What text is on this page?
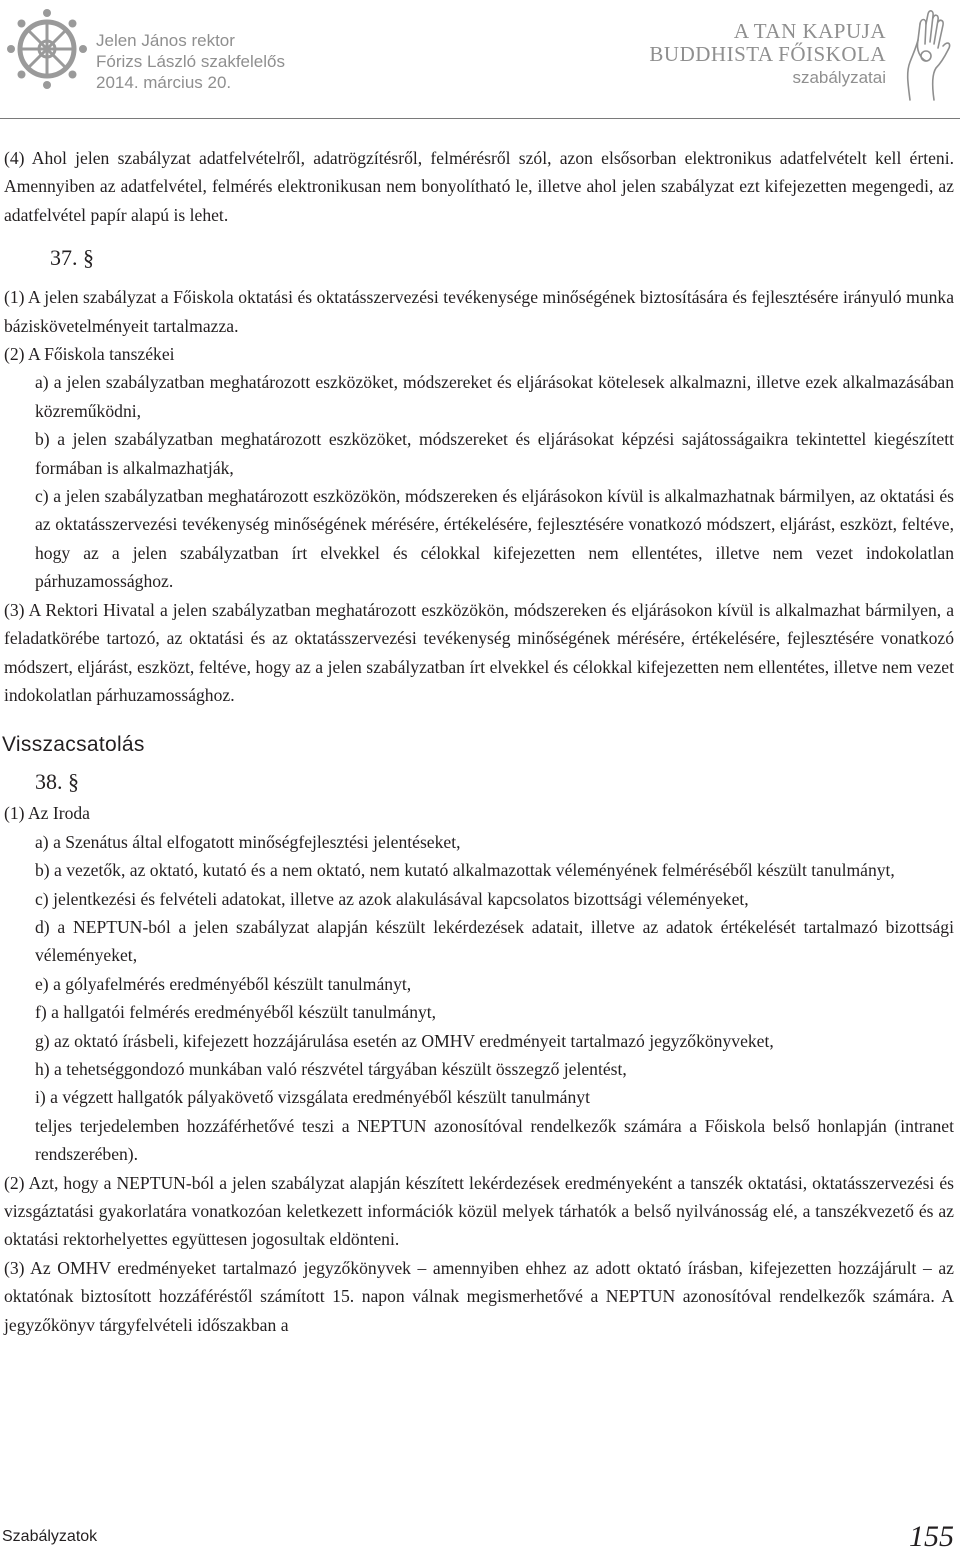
Jelen János rektor
Fórizs László szakfelelős
2014. március 20.
A TAN KAPUJA
BUDDHISTA FŐISKOLA
szabályzatai

(4) Ahol jelen szabályzat adatfelvételről, adatrögzítésről, felmérésről szól, azon elsősorban elektronikus adatfelvételt kell érteni. Amennyiben az adatfelvétel, felmérés elektronikusan nem bonyolítható le, illetve ahol jelen szabályzat ezt kifejezetten megengedi, az adatfelvétel papír alapú is lehet.

37. §

(1) A jelen szabályzat a Főiskola oktatási és oktatásszervezési tevékenysége minőségének biztosítására és fejlesztésére irányuló munka báziskövetelményeit tartalmazza.

(2) A Főiskola tanszékei

a) a jelen szabályzatban meghatározott eszközöket, módszereket és eljárásokat kötelesek alkalmazni, illetve ezek alkalmazásában közreműködni,

b) a jelen szabályzatban meghatározott eszközöket, módszereket és eljárásokat képzési sajátosságaikra tekintettel kiegészített formában is alkalmazhatják,

c) a jelen szabályzatban meghatározott eszközökön, módszereken és eljárásokon kívül is alkalmazhatnak bármilyen, az oktatási és az oktatásszervezési tevékenység minőségének mérésére, értékelésére, fejlesztésére vonatkozó módszert, eljárást, eszközt, feltéve, hogy az a jelen szabályzatban írt elvekkel és célokkal kifejezetten nem ellentétes, illetve nem vezet indokolatlan párhuzamossághoz.

(3) A Rektori Hivatal a jelen szabályzatban meghatározott eszközökön, módszereken és eljárásokon kívül is alkalmazhat bármilyen, a feladatkörébe tartozó, az oktatási és az oktatásszervezési tevékenység minőségének mérésére, értékelésére, fejlesztésére vonatkozó módszert, eljárást, eszközt, feltéve, hogy az a jelen szabályzatban írt elvekkel és célokkal kifejezetten nem ellentétes, illetve nem vezet indokolatlan párhuzamossághoz.

Visszacsatolás

38. §

(1) Az Iroda

a) a Szenátus által elfogatott minőségfejlesztési jelentéseket,

b) a vezetők, az oktató, kutató és a nem oktató, nem kutató alkalmazottak véleményének felméréséből készült tanulmányt,

c) jelentkezési és felvételi adatokat, illetve az azok alakulásával kapcsolatos bizottsági véleményeket,

d) a NEPTUN-ból a jelen szabályzat alapján készült lekérdezések adatait, illetve az adatok értékelését tartalmazó bizottsági véleményeket,

e) a gólyafelmérés eredményéből készült tanulmányt,

f) a hallgatói felmérés eredményéből készült tanulmányt,

g) az oktató írásbeli, kifejezett hozzájárulása esetén az OMHV eredményeit tartalmazó jegyzőkönyveket,

h) a tehetséggondozó munkában való részvétel tárgyában készült összegző jelentést,

i) a végzett hallgatók pályakövető vizsgálata eredményéből készült tanulmányt

teljes terjedelemben hozzáférhetővé teszi a NEPTUN azonosítóval rendelkezők számára a Főiskola belső honlapján (intranet rendszerében).

(2) Azt, hogy a NEPTUN-ból a jelen szabályzat alapján készített lekérdezések eredményeként a tanszék oktatási, oktatásszervezési és vizsgáztatási gyakorlatára vonatkozóan keletkezett információk közül melyek tárhatók a belső nyilvánosság elé, a tanszékvezető és az oktatási rektorhelyettes együttesen jogosultak eldönteni.

(3) Az OMHV eredményeket tartalmazó jegyzőkönyvek – amennyiben ehhez az adott oktató írásban, kifejezetten hozzájárult – az oktatónak biztosított hozzáféréstől számított 15. napon válnak megismerhetővé a NEPTUN azonosítóval rendelkezők számára. A jegyzőkönyv tárgyfelvételi időszakban a

Szabályzatok	155
